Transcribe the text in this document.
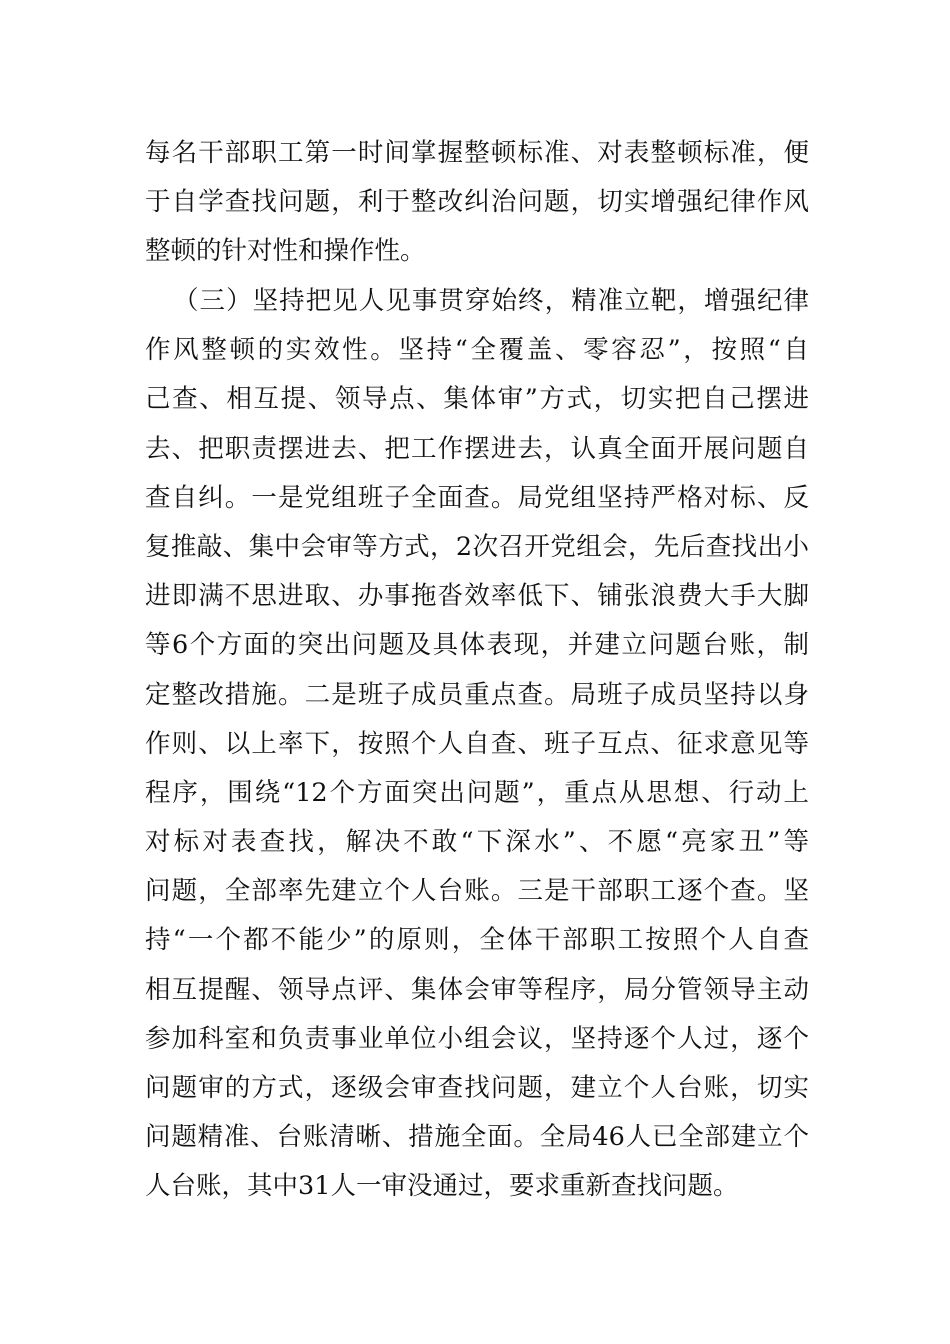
每名干部职工第一时间掌握整顿标准、对表整顿标准，便
于自学查找问题，利于整改纠治问题，切实增强纪律作风
整顿的针对性和操作性。
（三）坚持把见人见事贯穿始终，精准立靶，增强纪律
作风整顿的实效性。坚持“全覆盖、零容忍”，按照“自
己查、相互提、领导点、集体审”方式，切实把自己摆进
去、把职责摆进去、把工作摆进去，认真全面开展问题自
查自纠。一是党组班子全面查。局党组坚持严格对标、反
复推敲、集中会审等方式，2次召开党组会，先后查找出小
进即满不思进取、办事拖沓效率低下、铺张浪费大手大脚
等6个方面的突出问题及具体表现，并建立问题台账，制
定整改措施。二是班子成员重点查。局班子成员坚持以身
作则、以上率下，按照个人自查、班子互点、征求意见等
程序，围绕“12个方面突出问题”，重点从思想、行动上
对标对表查找，解决不敢“下深水”、不愿“亮家丑”等
问题，全部率先建立个人台账。三是干部职工逐个查。坚
持“一个都不能少”的原则，全体干部职工按照个人自查
相互提醒、领导点评、集体会审等程序，局分管领导主动
参加科室和负责事业单位小组会议，坚持逐个人过，逐个
问题审的方式，逐级会审查找问题，建立个人台账，切实
问题精准、台账清晰、措施全面。全局46人已全部建立个
人台账，其中31人一审没通过，要求重新查找问题。
